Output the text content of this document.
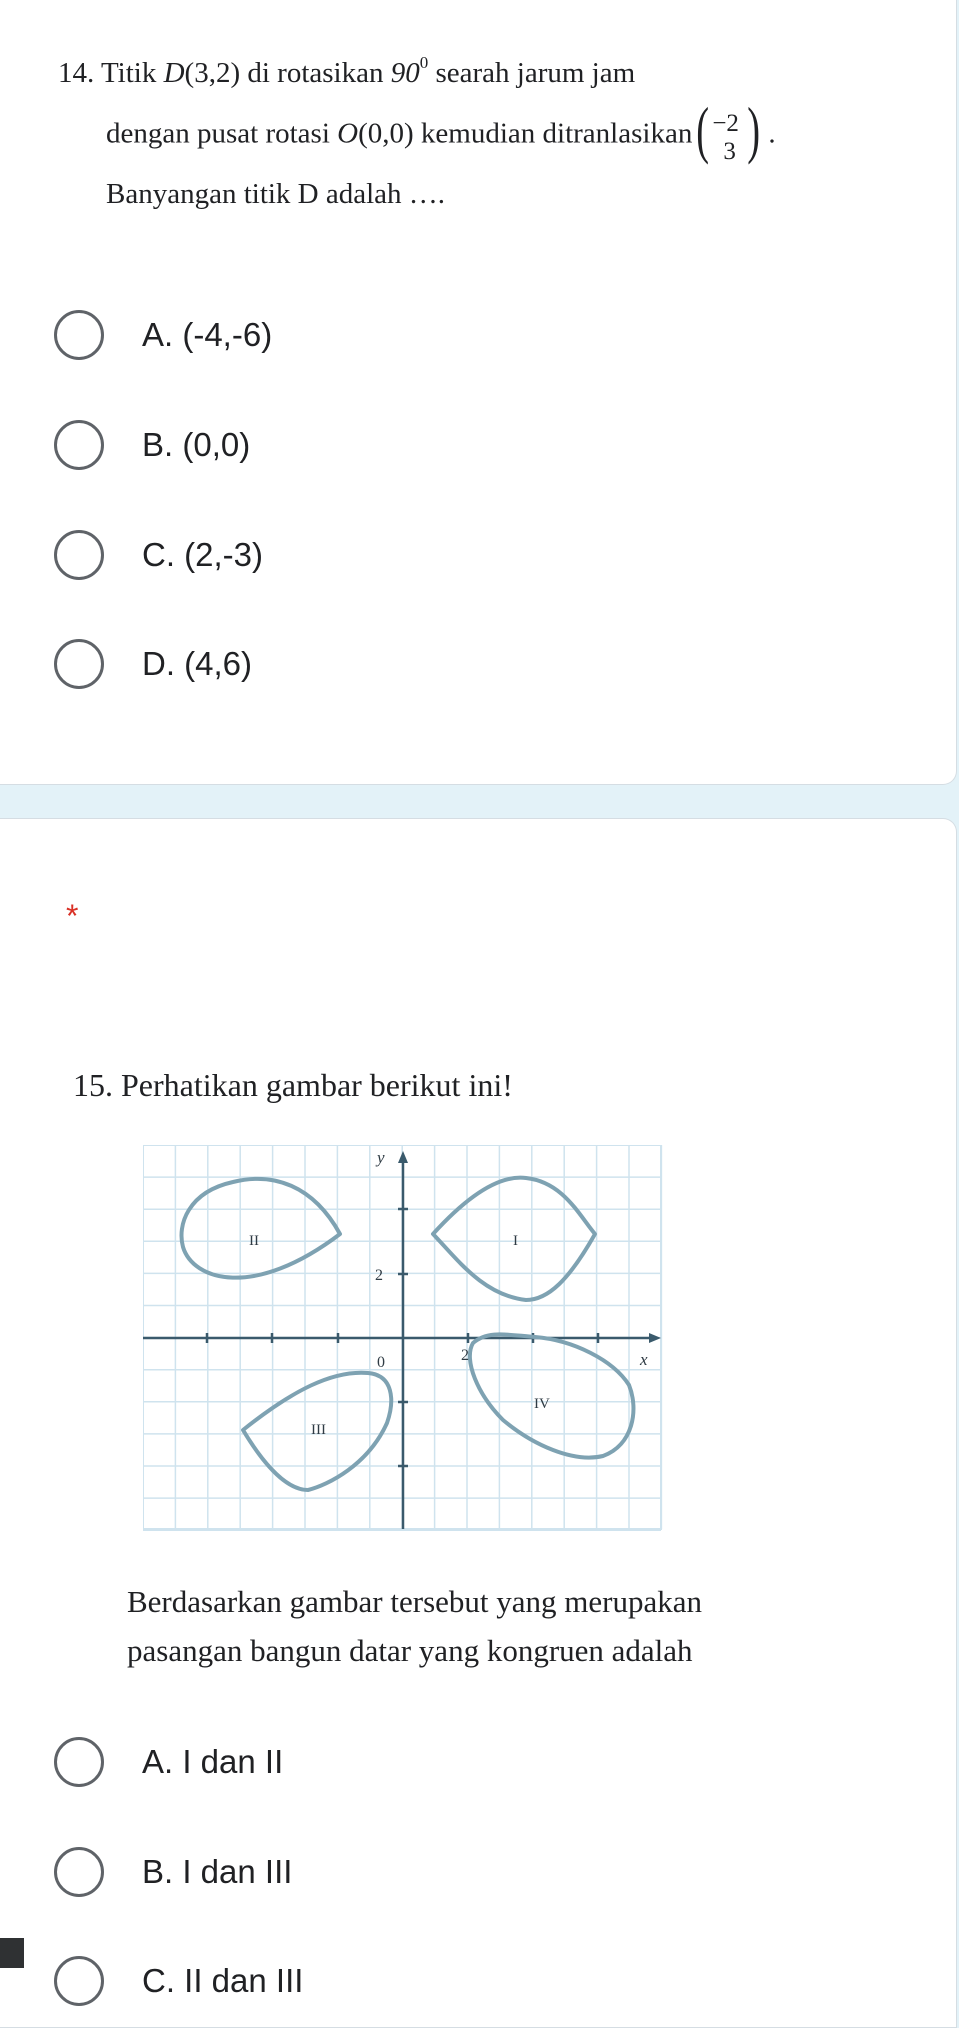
14. Titik D(3,2) di rotasikan $90^0$ searah jarum jam
dengan pusat rotasi O(0,0) kemudian ditranlasikan ( −2
3 ) .
Banyangan titik D adalah ….
A. (-4,-6)
B. (0,0)
C. (2,-3)
D. (4,6)
*
15. Perhatikan gambar berikut ini!
y
x
0	2
2
I
II
III
IV
Berdasarkan gambar tersebut yang merupakan
pasangan bangun datar yang kongruen adalah
A. I dan II
B. I dan III
C. II dan III
